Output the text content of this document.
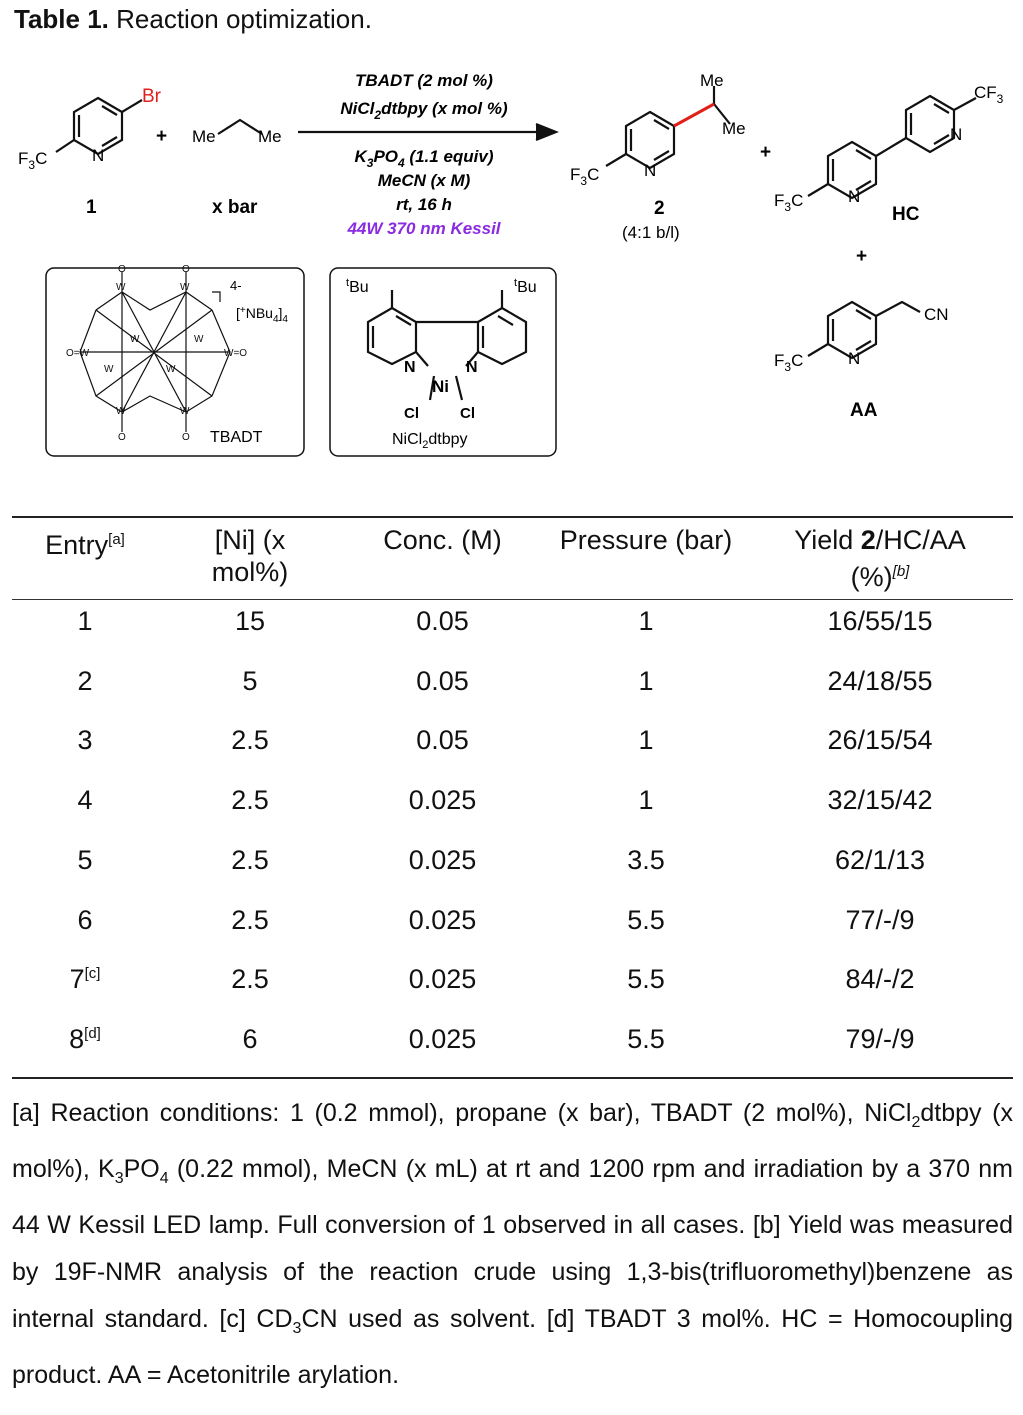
Table 1. Reaction optimization.
Br
$F_3C$	N
1
+ Me Me
x bar
TBADT (2 mol %)
NiCl$_2$dtbpy (x mol %)
$K_3PO_4$ (1.1 equiv)
MeCN (x M)
rt, 16 h
44W 370 nm Kessil
Me
Me
N
$F_3C$
2
(4:1 b/l)
+
$CF_3$
N
N
$F_3C$
HC
+
CN
N
$F_3C$
AA
W	W
W	W
O=W	W=O
W	W
W	W
O	O
O	O
4-
$[^+NBu_4]_4$
TBADT
$^t$Bu	$^t$Bu
N	N
Ni
Cl	Cl
NiCl$_2$dtbpy
Entry[a]	[Ni] (x
mol%)
Conc. (M)	Pressure (bar)	Yield 2/HC/AA
(%)[b]
1	15	0.05	1	16/55/15
2	5	0.05	1	24/18/55
3	2.5	0.05	1	26/15/54
4	2.5	0.025	1	32/15/42
5	2.5	0.025	3.5	62/1/13
6	2.5	0.025	5.5	77/-/9
7[c]	2.5	0.025	5.5	84/-/2
8[d]	6	0.025	5.5	79/-/9
[a] Reaction conditions: 1 (0.2 mmol), propane (x bar), TBADT (2 mol%), NiCl$_2$dtbpy (x mol%), $K_3PO_4$ (0.22 mmol), MeCN (x mL) at rt and 1200 rpm and irradiation by a 370 nm 44 W Kessil LED lamp. Full conversion of 1 observed in all cases. [b] Yield was measured by 19F-NMR analysis of the reaction crude using 1,3-bis(trifluoromethyl)benzene as internal standard. [c] $CD_3CN$ used as solvent. [d] TBADT 3 mol%. HC = Homocoupling product. AA = Acetonitrile arylation.
